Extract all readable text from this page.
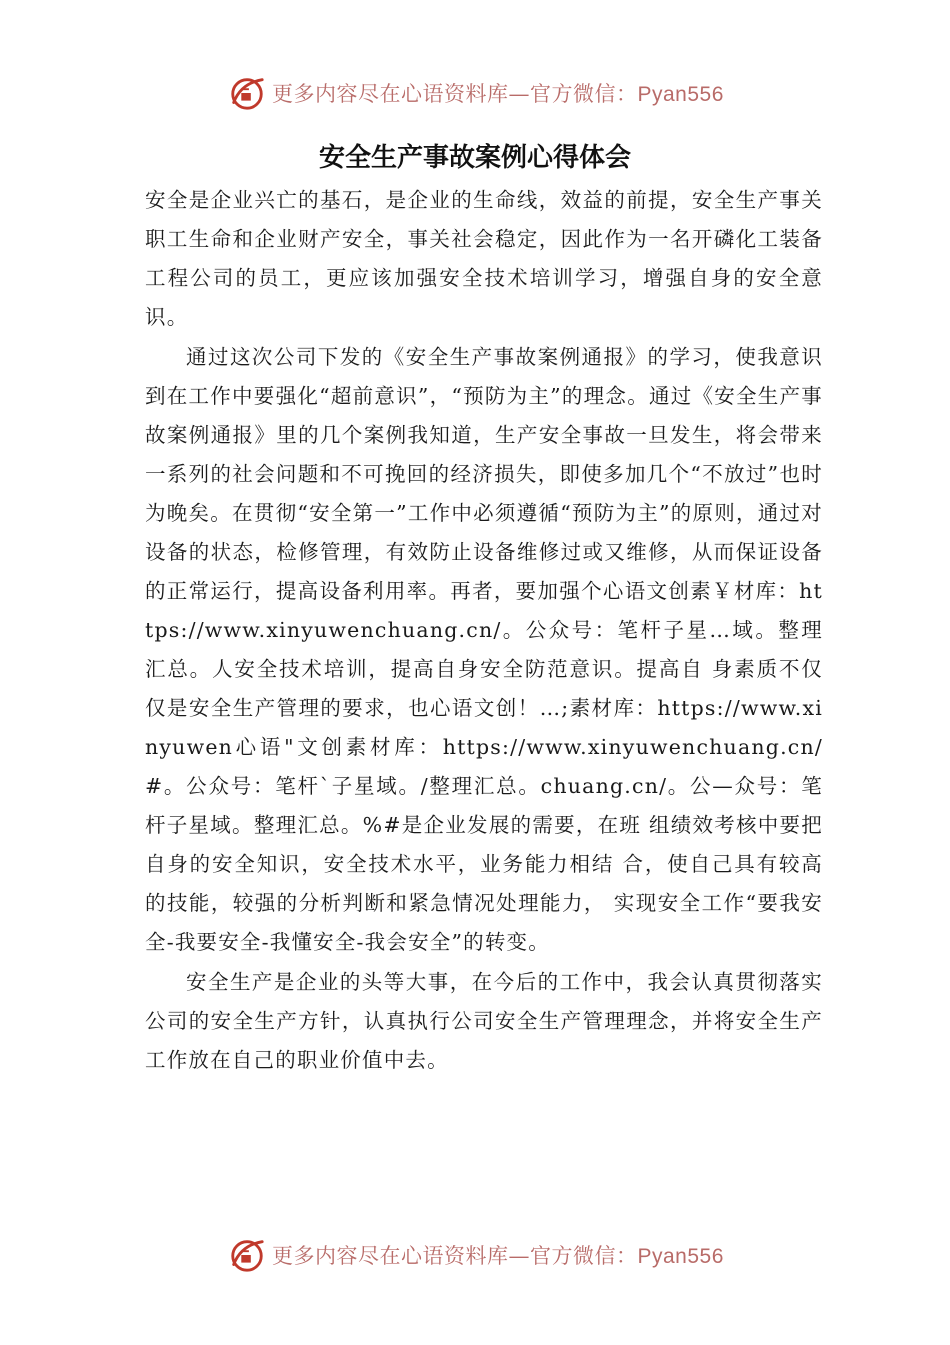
更多内容尽在心语资料库—官方微信：Pyan556
安全生产事故案例心得体会

安全是企业兴亡的基石，是企业的生命线，效益的前提，安全生产事关职工生命和企业财产安全，事关社会稳定，因此作为一名开磷化工装备工程公司的员工，更应该加强安全技术培训学习，增强自身的安全意识。

通过这次公司下发的《安全生产事故案例通报》的学习，使我意识到在工作中要强化“超前意识”，“预防为主”的理念。通过《安全生产事故案例通报》里的几个案例我知道，生产安全事故一旦发生，将会带来一系列的社会问题和不可挽回的经济损失，即使多加几个“不放过”也时为晚矣。在贯彻“安全第一”工作中必须遵循“预防为主”的原则，通过对设备的状态，检修管理，有效防止设备维修过或又维修，从而保证设备的正常运行，提高设备利用率。再者，要加强个心语文创素￥材库：https://www.xinyuwenchuang.cn/。公众号：笔杆子星…域。整理汇总。人安全技术培训，提高自身安全防范意识。提高自 身素质不仅仅是安全生产管理的要求，也心语文创！…;素材库：https://www.xinyuwen心语"文创素材库：https://www.xinyuwenchuang.cn/#。公众号：笔杆`子星域。/整理汇总。chuang.cn/。公—众号：笔杆子星域。整理汇总。%#是企业发展的需要，在班 组绩效考核中要把自身的安全知识，安全技术水平，业务能力相结 合，使自己具有较高的技能，较强的分析判断和紧急情况处理能力， 实现安全工作“要我安全-我要安全-我懂安全-我会安全”的转变。

安全生产是企业的头等大事，在今后的工作中，我会认真贯彻落实公司的安全生产方针，认真执行公司安全生产管理理念，并将安全生产工作放在自己的职业价值中去。

更多内容尽在心语资料库—官方微信：Pyan556
